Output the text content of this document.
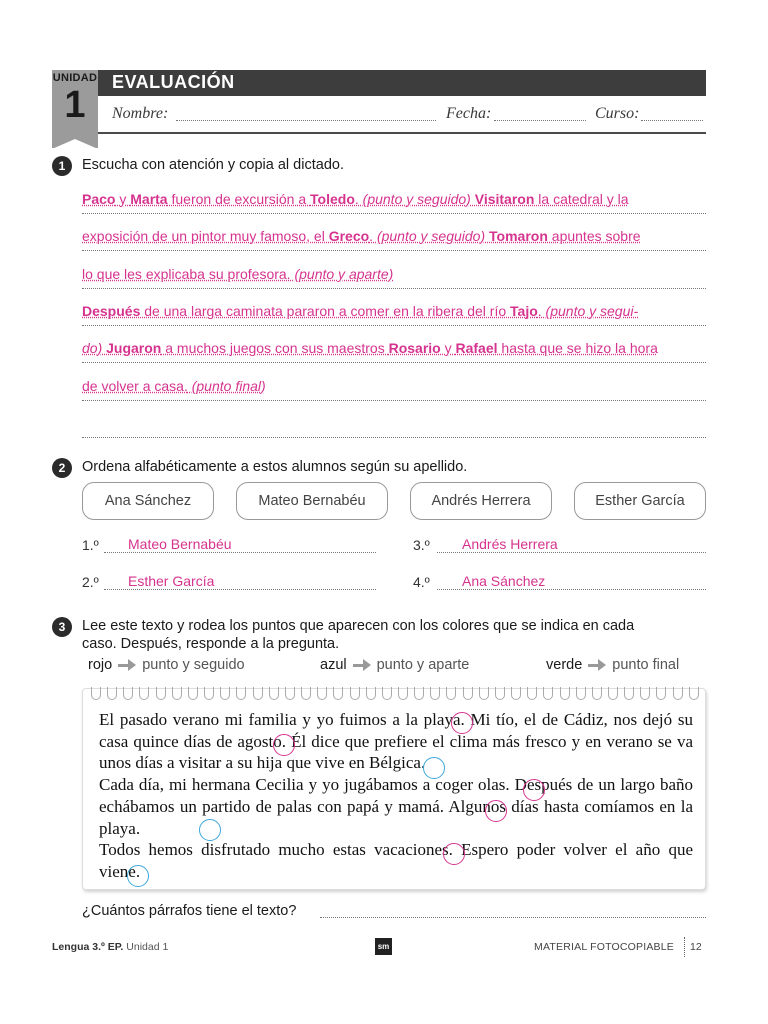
UNIDAD
1
EVALUACIÓN
Nombre:	Fecha:	Curso:
1	Escucha con atención y copia al dictado.
Paco y Marta fueron de excursión a Toledo. (punto y seguido) Visitaron la catedral y la
exposición de un pintor muy famoso, el Greco. (punto y seguido) Tomaron apuntes sobre
lo que les explicaba su profesora. (punto y aparte)
Después de una larga caminata pararon a comer en la ribera del río Tajo. (punto y segui-
do) Jugaron a muchos juegos con sus maestros Rosario y Rafael hasta que se hizo la hora
de volver a casa. (punto final)
2	Ordena alfabéticamente a estos alumnos según su apellido.
Ana Sánchez	Mateo Bernabéu	Andrés Herrera	Esther García
1.º Mateo Bernabéu	3.º Andrés Herrera
2.º Esther García	4.º Ana Sánchez
3	Lee este texto y rodea los puntos que aparecen con los colores que se indica en cada
caso. Después, responde a la pregunta.
rojo punto y seguido	azul punto y aparte	verde punto final

El pasado verano mi familia y yo fuimos a la playa. Mi tío, el de Cádiz, nos dejó su casa quince días de agosto. Él dice que prefiere el clima más fresco y en verano se va unos días a visitar a su hija que vive en Bélgica.

Cada día, mi hermana Cecilia y yo jugábamos a coger olas. Después de un largo baño echábamos un partido de palas con papá y mamá. Algunos días hasta comíamos en la playa.

Todos hemos disfrutado mucho estas vacaciones. Espero poder volver el año que viene.

¿Cuántos párrafos tiene el texto?
Lengua 3.º EP. Unidad 1	sm	MATERIAL FOTOCOPIABLE 12
